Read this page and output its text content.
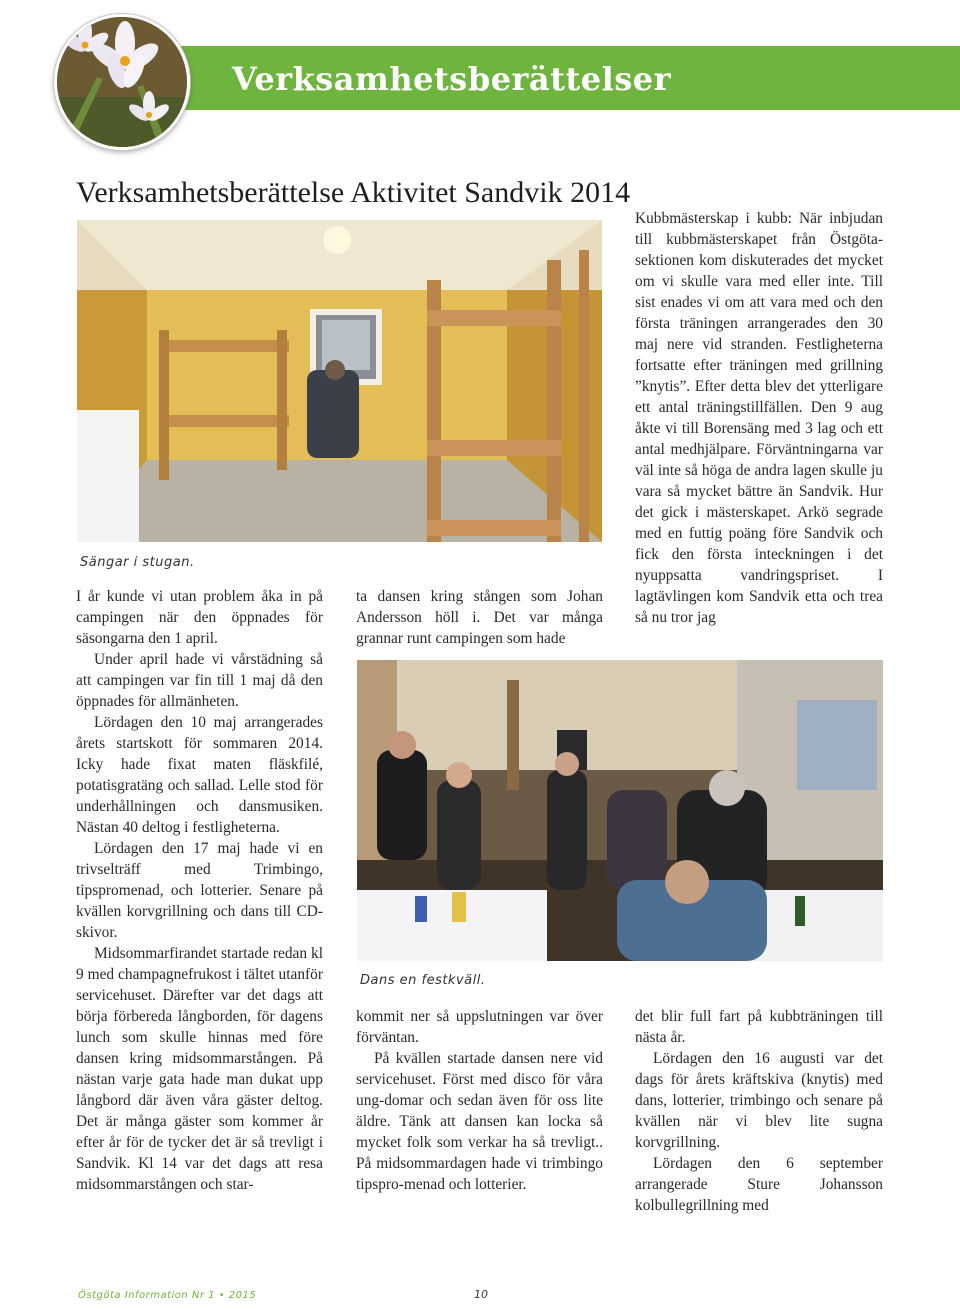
Verksamhetsberättelser
Verksamhetsberättelse Aktivitet Sandvik 2014
Sängar i stugan.
Dans en festkväll.

I år kunde vi utan problem åka in på campingen när den öppnades för säsongarna den 1 april.

Under april hade vi vårstädning så att campingen var fin till 1 maj då den öppnades för allmänheten.

Lördagen den 10 maj arrangerades årets startskott för sommaren 2014. Icky hade fixat maten fläskfilé, potatisgratäng och sallad. Lelle stod för underhållningen och dansmusiken. Nästan 40 deltog i festligheterna.

Lördagen den 17 maj hade vi en trivselträff med Trimbingo, tipspromenad, och lotterier. Senare på kvällen korvgrillning och dans till CD-skivor.

Midsommarfirandet startade redan kl 9 med champagnefrukost i tältet utanför servicehuset. Därefter var det dags att börja förbereda långborden, för dagens lunch som skulle hinnas med före dansen kring midsommarstången. På nästan varje gata hade man dukat upp långbord där även våra gäster deltog. Det är många gäster som kommer år efter år för de tycker det är så trevligt i Sandvik. Kl 14 var det dags att resa midsommarstången och star-

ta dansen kring stången som Johan Andersson höll i. Det var många grannar runt campingen som hade

kommit ner så uppslutningen var över förväntan.

På kvällen startade dansen nere vid servicehuset. Först med disco för våra ung-domar och sedan även för oss lite äldre. Tänk att dansen kan locka så mycket folk som verkar ha så trevligt.. På midsommardagen hade vi trimbingo tipspro-menad och lotterier.

Kubbmästerskap i kubb: När inbjudan till kubbmästerskapet från Östgöta-sektionen kom diskuterades det mycket om vi skulle vara med eller inte. Till sist enades vi om att vara med och den första träningen arrangerades den 30 maj nere vid stranden. Festligheterna fortsatte efter träningen med grillning ”knytis”. Efter detta blev det ytterligare ett antal träningstillfällen. Den 9 aug åkte vi till Borensäng med 3 lag och ett antal medhjälpare. Förväntningarna var väl inte så höga de andra lagen skulle ju vara så mycket bättre än Sandvik. Hur det gick i mästerskapet. Arkö segrade med en futtig poäng före Sandvik och fick den första inteckningen i det nyuppsatta vandringspriset. I lagtävlingen kom Sandvik etta och trea så nu tror jag

det blir full fart på kubbträningen till nästa år.

Lördagen den 16 augusti var det dags för årets kräftskiva (knytis) med dans, lotterier, trimbingo och senare på kvällen när vi blev lite sugna korvgrillning.

Lördagen den 6 september arrangerade Sture Johansson kolbullegrillning med

Östgöta Information Nr 1 • 2015	10
